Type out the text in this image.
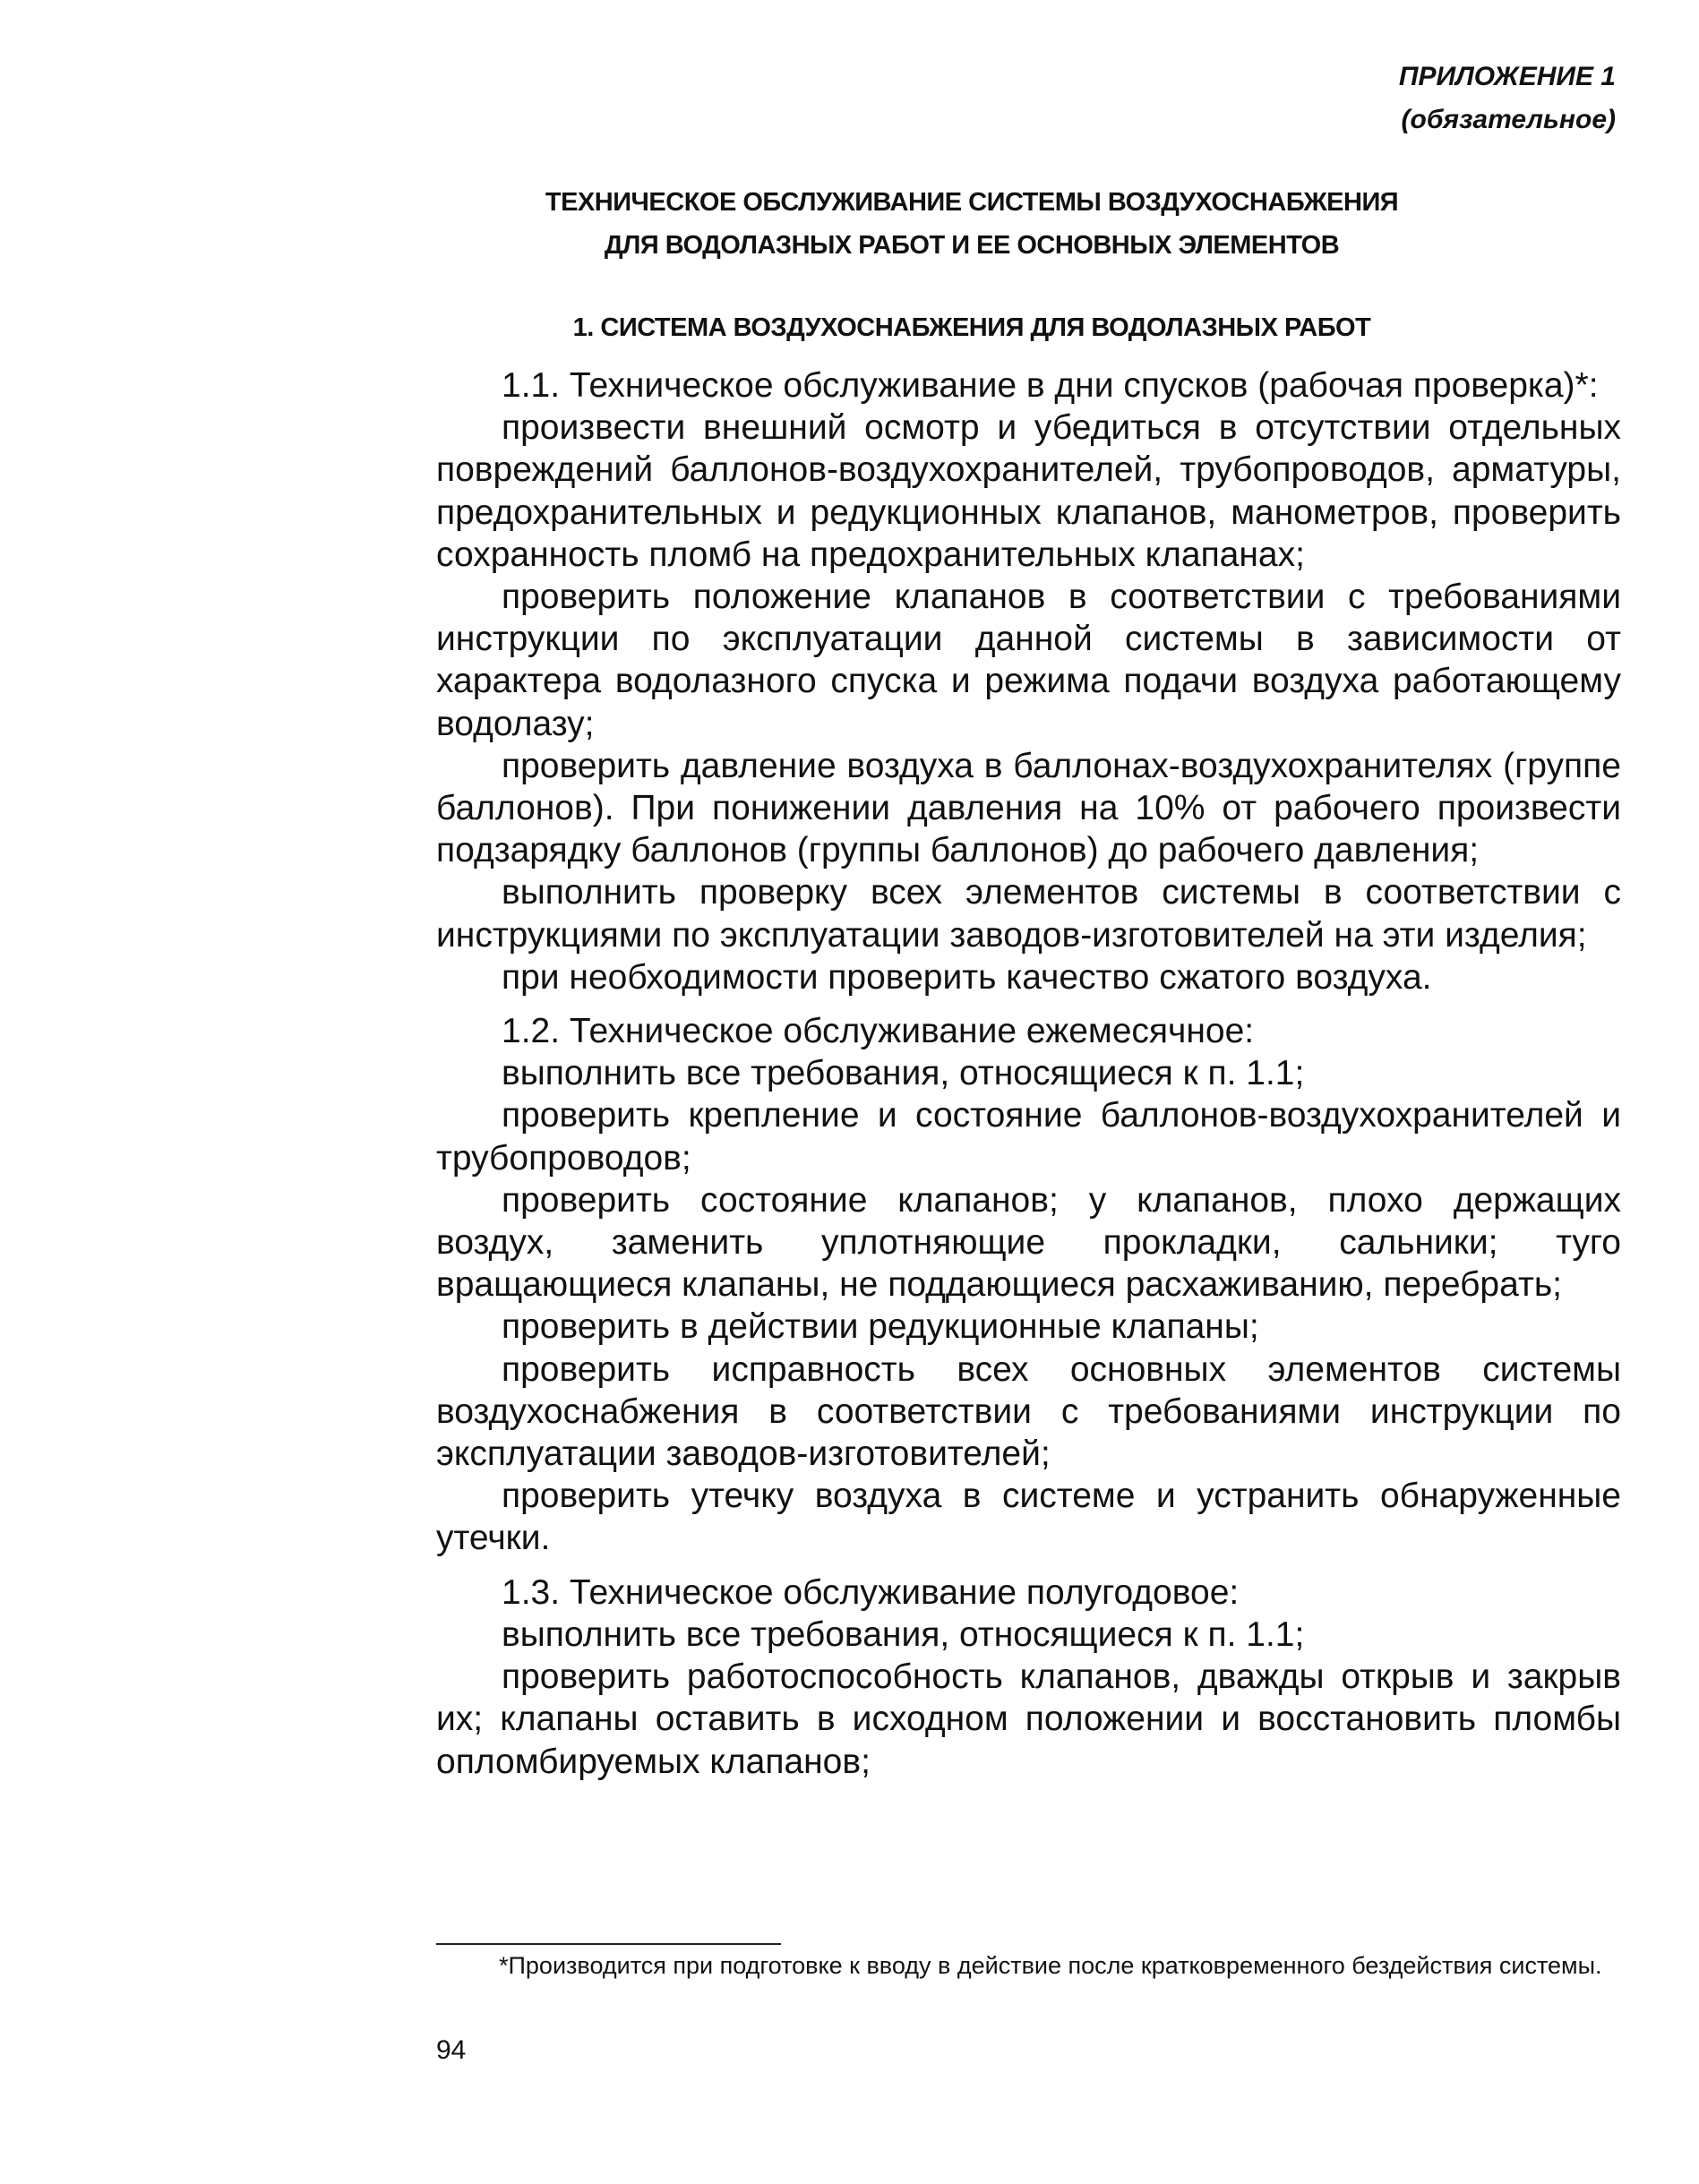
ПРИЛОЖЕНИЕ 1
(обязательное)
ТЕХНИЧЕСКОЕ ОБСЛУЖИВАНИЕ СИСТЕМЫ ВОЗДУХОСНАБЖЕНИЯ
ДЛЯ ВОДОЛАЗНЫХ РАБОТ И ЕЕ ОСНОВНЫХ ЭЛЕМЕНТОВ
1. СИСТЕМА ВОЗДУХОСНАБЖЕНИЯ ДЛЯ ВОДОЛАЗНЫХ РАБОТ

1.1. Техническое обслуживание в дни спусков (рабочая проверка)*:

произвести внешний осмотр и убедиться в отсутствии отдельных повреждений баллонов-воздухохранителей, трубопроводов, арматуры, предохранительных и редукционных клапанов, манометров, проверить сохранность пломб на предохранительных клапанах;

проверить положение клапанов в соответствии с требованиями инструкции по эксплуатации данной системы в зависимости от характера водолазного спуска и режима подачи воздуха работающему водолазу;

проверить давление воздуха в баллонах-воздухохранителях (группе баллонов). При понижении давления на 10% от рабочего произвести подзарядку баллонов (группы баллонов) до рабочего давления;

выполнить проверку всех элементов системы в соответствии с инструкциями по эксплуатации заводов-изготовителей на эти изделия;

при необходимости проверить качество сжатого воздуха.

1.2. Техническое обслуживание ежемесячное:

выполнить все требования, относящиеся к п. 1.1;

проверить крепление и состояние баллонов-воздухохранителей и трубопроводов;

проверить состояние клапанов; у клапанов, плохо держащих воздух, заменить уплотняющие прокладки, сальники; туго вращающиеся клапаны, не поддающиеся расхаживанию, перебрать;

проверить в действии редукционные клапаны;

проверить исправность всех основных элементов системы воздухоснабжения в соответствии с требованиями инструкции по эксплуатации заводов-изготовителей;

проверить утечку воздуха в системе и устранить обнаруженные утечки.

1.3. Техническое обслуживание полугодовое:

выполнить все требования, относящиеся к п. 1.1;

проверить работоспособность клапанов, дважды открыв и закрыв их; клапаны оставить в исходном положении и восстановить пломбы опломбируемых клапанов;

*Производится при подготовке к вводу в действие после кратковременного бездействия системы.
94
